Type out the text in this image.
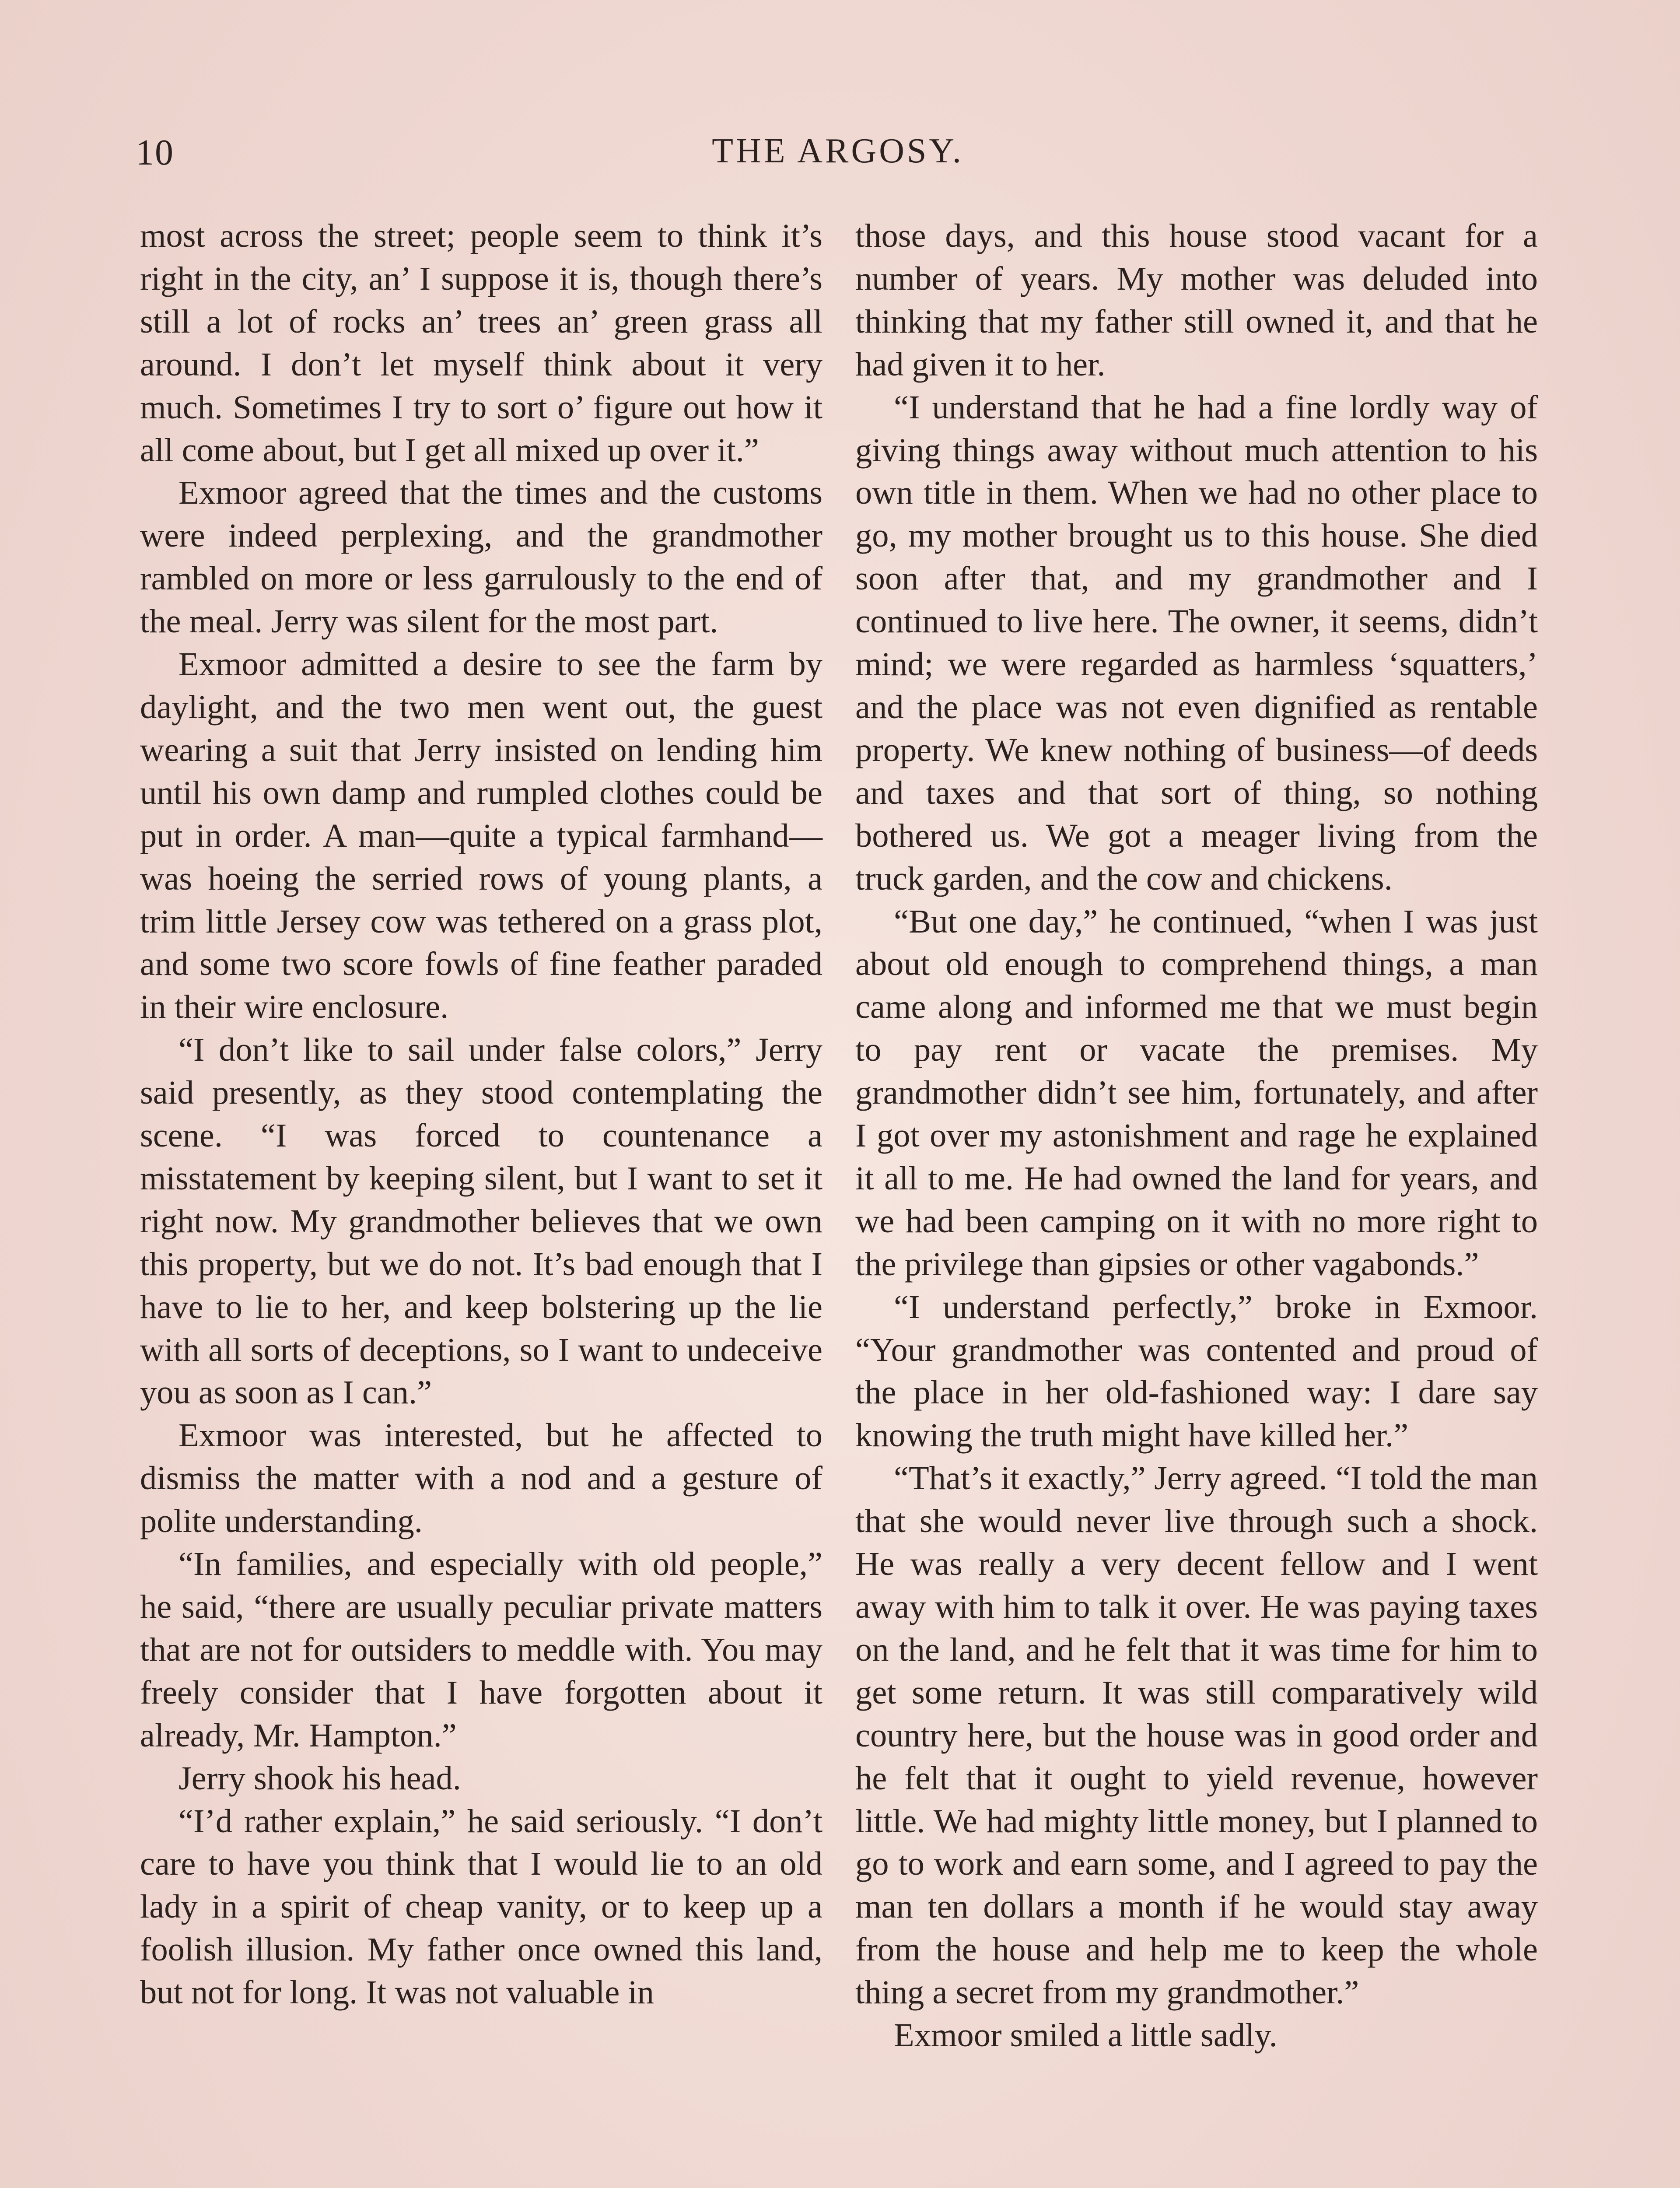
10	THE ARGOSY.

most across the street; people seem to think it’s right in the city, an’ I suppose it is, though there’s still a lot of rocks an’ trees an’ green grass all around. I don’t let myself think about it very much. Sometimes I try to sort o’ figure out how it all come about, but I get all mixed up over it.”

Exmoor agreed that the times and the customs were indeed perplexing, and the grandmother rambled on more or less garrulously to the end of the meal. Jerry was silent for the most part.

Exmoor admitted a desire to see the farm by daylight, and the two men went out, the guest wearing a suit that Jerry insisted on lending him until his own damp and rumpled clothes could be put in order. A man—quite a typical farmhand—was hoeing the serried rows of young plants, a trim little Jersey cow was tethered on a grass plot, and some two score fowls of fine feather paraded in their wire enclosure.

“I don’t like to sail under false colors,” Jerry said presently, as they stood contemplating the scene. “I was forced to countenance a misstatement by keeping silent, but I want to set it right now. My grandmother believes that we own this property, but we do not. It’s bad enough that I have to lie to her, and keep bolstering up the lie with all sorts of deceptions, so I want to undeceive you as soon as I can.”

Exmoor was interested, but he affected to dismiss the matter with a nod and a gesture of polite understanding.

“In families, and especially with old people,” he said, “there are usually peculiar private matters that are not for outsiders to meddle with. You may freely consider that I have forgotten about it already, Mr. Hampton.”

Jerry shook his head.

“I’d rather explain,” he said seriously. “I don’t care to have you think that I would lie to an old lady in a spirit of cheap vanity, or to keep up a foolish illusion. My father once owned this land, but not for long. It was not valuable in

those days, and this house stood vacant for a number of years. My mother was deluded into thinking that my father still owned it, and that he had given it to her.

“I understand that he had a fine lordly way of giving things away without much attention to his own title in them. When we had no other place to go, my mother brought us to this house. She died soon after that, and my grandmother and I continued to live here. The owner, it seems, didn’t mind; we were regarded as harmless ‘squatters,’ and the place was not even dignified as rentable property. We knew nothing of business—of deeds and taxes and that sort of thing, so nothing bothered us. We got a meager living from the truck garden, and the cow and chickens.

“But one day,” he continued, “when I was just about old enough to comprehend things, a man came along and informed me that we must begin to pay rent or vacate the premises. My grandmother didn’t see him, fortunately, and after I got over my astonishment and rage he explained it all to me. He had owned the land for years, and we had been camping on it with no more right to the privilege than gipsies or other vagabonds.”

“I understand perfectly,” broke in Exmoor. “Your grandmother was contented and proud of the place in her old-fashioned way: I dare say knowing the truth might have killed her.”

“That’s it exactly,” Jerry agreed. “I told the man that she would never live through such a shock. He was really a very decent fellow and I went away with him to talk it over. He was paying taxes on the land, and he felt that it was time for him to get some return. It was still comparatively wild country here, but the house was in good order and he felt that it ought to yield revenue, however little. We had mighty little money, but I planned to go to work and earn some, and I agreed to pay the man ten dollars a month if he would stay away from the house and help me to keep the whole thing a secret from my grandmother.”

Exmoor smiled a little sadly.
